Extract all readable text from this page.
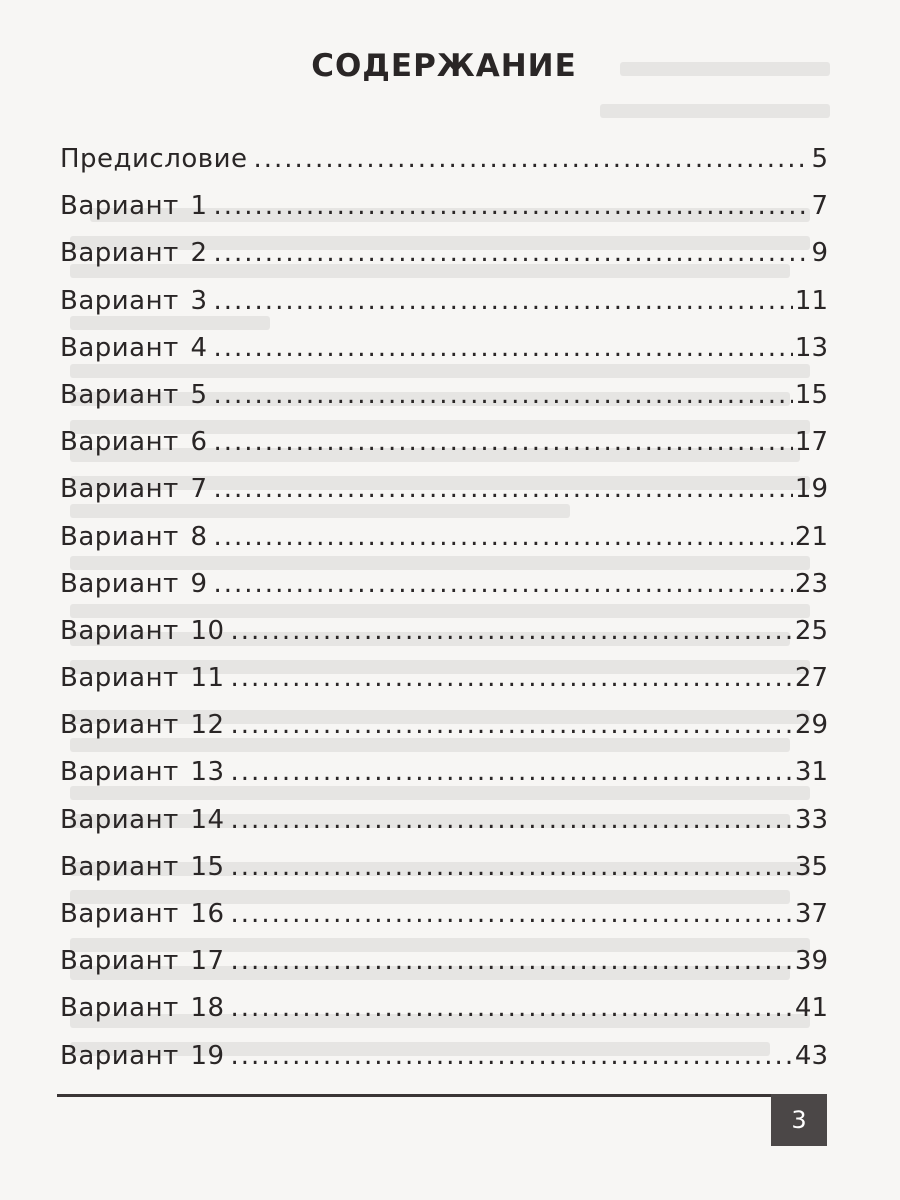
СОДЕРЖАНИЕ
Предисловие .....	5
Вариант 1 .....	7
Вариант 2 .....	9
Вариант 3 .....	11
Вариант 4 .....	13
Вариант 5 .....	15
Вариант 6 .....	17
Вариант 7 .....	19
Вариант 8 .....	21
Вариант 9 .....	23
Вариант 10 .....	25
Вариант 11 .....	27
Вариант 12 .....	29
Вариант 13 .....	31
Вариант 14 .....	33
Вариант 15 .....	35
Вариант 16 .....	37
Вариант 17 .....	39
Вариант 18 .....	41
Вариант 19 .....	43
3
